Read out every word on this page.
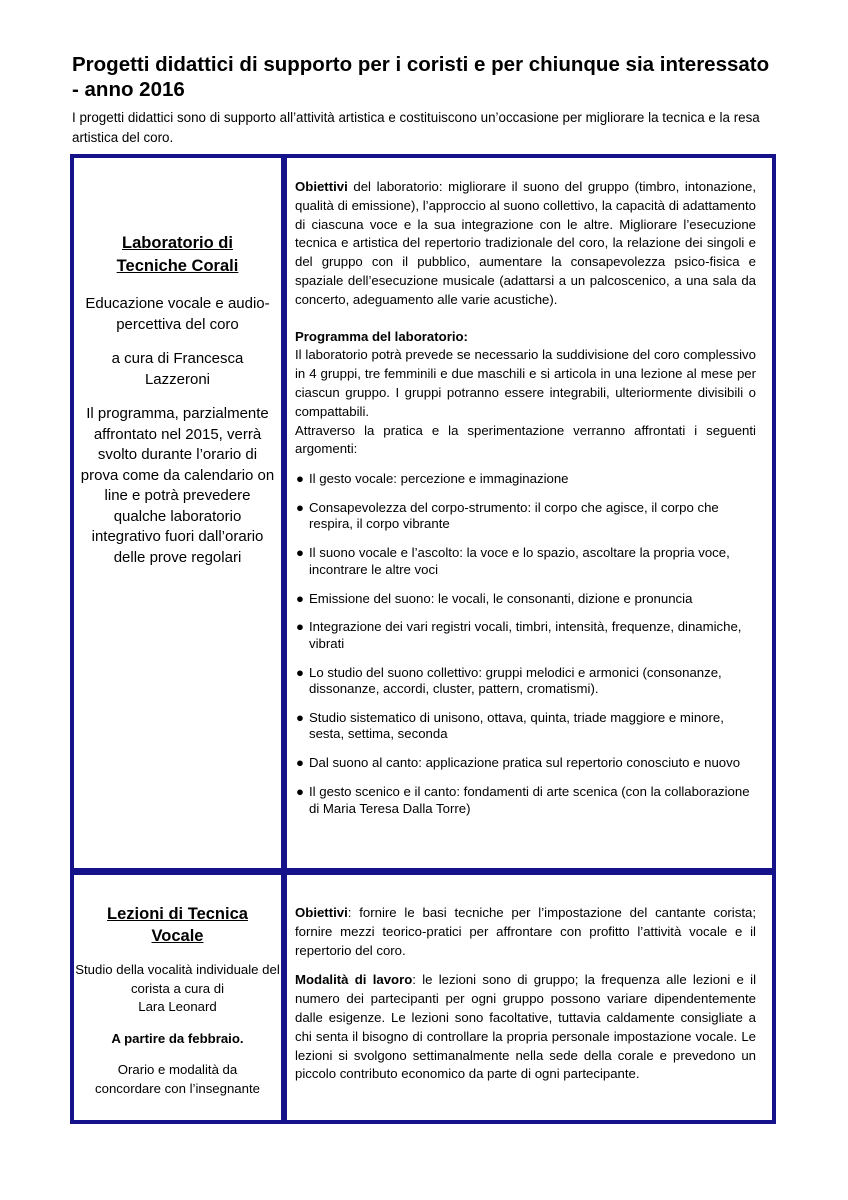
Progetti didattici di supporto per i coristi e per chiunque sia interessato - anno 2016

I progetti didattici sono di supporto all’attività artistica e costituiscono un’occasione per migliorare la tecnica e la resa artistica del coro.

Laboratorio di
Tecniche Corali

Educazione vocale e audio-percettiva del coro

a cura di Francesca Lazzeroni

Il programma, parzialmente affrontato nel 2015, verrà svolto durante l’orario di prova come da calendario on line e potrà prevedere qualche laboratorio integrativo fuori dall’orario delle prove regolari

Obiettivi del laboratorio: migliorare il suono del gruppo (timbro, intonazione, qualità di emissione), l’approccio al suono collettivo, la capacità di adattamento di ciascuna voce e la sua integrazione con le altre. Migliorare l’esecuzione tecnica e artistica del repertorio tradizionale del coro, la relazione dei singoli e del gruppo con il pubblico, aumentare la consapevolezza psico-fisica e spaziale dell’esecuzione musicale (adattarsi a un palcoscenico, a una sala da concerto, adeguamento alle varie acustiche).

Programma del laboratorio:

Il laboratorio potrà prevede se necessario la suddivisione del coro complessivo in 4 gruppi, tre femminili e due maschili e si articola in una lezione al mese per ciascun gruppo. I gruppi potranno essere integrabili, ulteriormente divisibili o compattabili.

Attraverso la pratica e la sperimentazione verranno affrontati i seguenti argomenti:

● Il gesto vocale: percezione e immaginazione
● Consapevolezza del corpo-strumento: il corpo che agisce, il corpo che respira, il corpo vibrante
● Il suono vocale e l’ascolto: la voce e lo spazio, ascoltare la propria voce, incontrare le altre voci
● Emissione del suono: le vocali, le consonanti, dizione e pronuncia
● Integrazione dei vari registri vocali, timbri, intensità, frequenze, dinamiche, vibrati
● Lo studio del suono collettivo: gruppi melodici e armonici (consonanze, dissonanze, accordi, cluster, pattern, cromatismi).
● Studio sistematico di unisono, ottava, quinta, triade maggiore e minore, sesta, settima, seconda
● Dal suono al canto: applicazione pratica sul repertorio conosciuto e nuovo
● Il gesto scenico e il canto: fondamenti di arte scenica (con la collaborazione di Maria Teresa Dalla Torre)

Lezioni di Tecnica
Vocale

Studio della vocalità individuale del corista a cura di
Lara Leonard

A partire da febbraio.

Orario e modalità da concordare con l’insegnante

Obiettivi: fornire le basi tecniche per l’impostazione del cantante corista; fornire mezzi teorico-pratici per affrontare con profitto l’attività vocale e il repertorio del coro.

Modalità di lavoro: le lezioni sono di gruppo; la frequenza alle lezioni e il numero dei partecipanti per ogni gruppo possono variare dipendentemente dalle esigenze. Le lezioni sono facoltative, tuttavia caldamente consigliate a chi senta il bisogno di controllare la propria personale impostazione vocale. Le lezioni si svolgono settimanalmente nella sede della corale e prevedono un piccolo contributo economico da parte di ogni partecipante.
